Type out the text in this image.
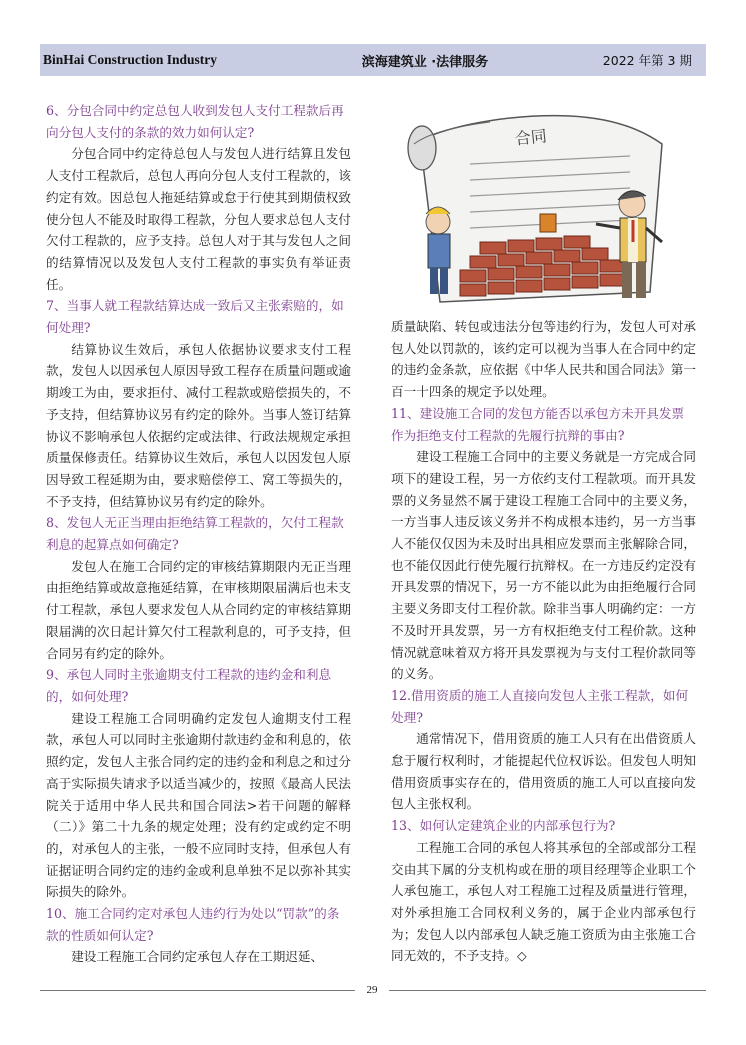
BinHai Construction Industry	滨海建筑业 ·法律服务	2022 年第 3 期
6、分包合同中约定总包人收到发包人支付工程款后再向分包人支付的条款的效力如何认定?
分包合同中约定待总包人与发包人进行结算且发包人支付工程款后，总包人再向分包人支付工程款的，该约定有效。因总包人拖延结算或怠于行使其到期债权致使分包人不能及时取得工程款，分包人要求总包人支付欠付工程款的，应予支持。总包人对于其与发包人之间的结算情况以及发包人支付工程款的事实负有举证责任。
7、当事人就工程款结算达成一致后又主张索赔的，如何处理?
结算协议生效后，承包人依据协议要求支付工程款，发包人以因承包人原因导致工程存在质量问题或逾期竣工为由，要求拒付、减付工程款或赔偿损失的，不予支持，但结算协议另有约定的除外。当事人签订结算协议不影响承包人依据约定或法律、行政法规规定承担质量保修责任。结算协议生效后，承包人以因发包人原因导致工程延期为由，要求赔偿停工、窝工等损失的，不予支持，但结算协议另有约定的除外。
8、发包人无正当理由拒绝结算工程款的，欠付工程款利息的起算点如何确定?
发包人在施工合同约定的审核结算期限内无正当理由拒绝结算或故意拖延结算，在审核期限届满后也未支付工程款，承包人要求发包人从合同约定的审核结算期限届满的次日起计算欠付工程款利息的，可予支持，但合同另有约定的除外。
9、承包人同时主张逾期支付工程款的违约金和利息的，如何处理?
建设工程施工合同明确约定发包人逾期支付工程款，承包人可以同时主张逾期付款违约金和利息的，依照约定，发包人主张合同约定的违约金和利息之和过分高于实际损失请求予以适当减少的，按照《最高人民法院关于适用中华人民共和国合同法>若干问题的解释（二）》第二十九条的规定处理；没有约定或约定不明的，对承包人的主张，一般不应同时支持，但承包人有证据证明合同约定的违约金或利息单独不足以弥补其实际损失的除外。
10、施工合同约定对承包人违约行为处以“罚款”的条款的性质如何认定?
建设工程施工合同约定承包人存在工期迟延、
合同
质量缺陷、转包或违法分包等违约行为，发包人可对承包人处以罚款的，该约定可以视为当事人在合同中约定的违约金条款，应依据《中华人民共和国合同法》第一百一十四条的规定予以处理。
11、建设施工合同的发包方能否以承包方未开具发票作为拒绝支付工程款的先履行抗辩的事由?
建设工程施工合同中的主要义务就是一方完成合同项下的建设工程，另一方依约支付工程款项。而开具发票的义务显然不属于建设工程施工合同中的主要义务，一方当事人违反该义务并不构成根本违约，另一方当事人不能仅仅因为未及时出具相应发票而主张解除合同，也不能仅因此行使先履行抗辩权。在一方违反约定没有开具发票的情况下，另一方不能以此为由拒绝履行合同主要义务即支付工程价款。除非当事人明确约定：一方不及时开具发票，另一方有权拒绝支付工程价款。这种情况就意味着双方将开具发票视为与支付工程价款同等的义务。
12.借用资质的施工人直接向发包人主张工程款，如何处理?
通常情况下，借用资质的施工人只有在出借资质人怠于履行权利时，才能提起代位权诉讼。但发包人明知借用资质事实存在的，借用资质的施工人可以直接向发包人主张权利。
13、如何认定建筑企业的内部承包行为?
工程施工合同的承包人将其承包的全部或部分工程交由其下属的分支机构或在册的项目经理等企业职工个人承包施工，承包人对工程施工过程及质量进行管理，对外承担施工合同权利义务的，属于企业内部承包行为；发包人以内部承包人缺乏施工资质为由主张施工合同无效的，不予支持。◇
29
